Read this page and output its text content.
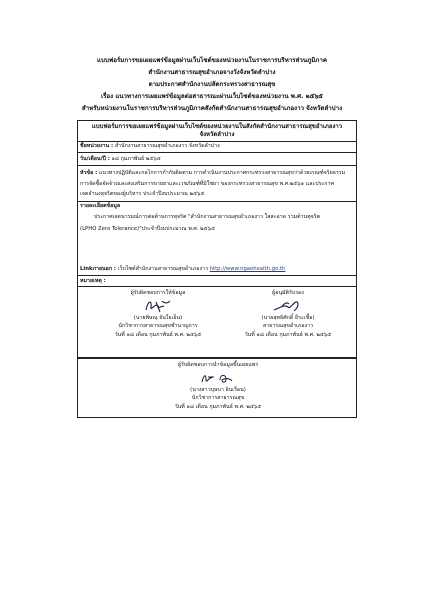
แบบฟอร์มการขอเผยแพร่ข้อมูลผ่านเว็บไซต์ของหน่วยงานในราชการบริหารส่วนภูมิภาค
สำนักงานสาธารณสุขอำเภอจางวังจังหวัดลำปาง
ตามประกาศสำนักงานปลัดกระทรวงสาธารณสุข
เรื่อง แนวทางการเผยแพร่ข้อมูลต่อสาธารณะผ่านเว็บไซต์ของหน่วยงาน พ.ศ. ๒๕๖๕
สำหรับหน่วยงานในราชการบริหารส่วนภูมิภาคสังกัดสำนักงานสาธารณสุขอำเภองาว จังหวัดลำปาง
แบบฟอร์มการขอเผยแพร่ข้อมูลผ่านเว็บไซต์ของหน่วยงานในสังกัดสำนักงานสาธารณสุขอำเภองาว
จังหวัดลำปาง
ชื่อหน่วยงาน : สำนักงานสาธารณสุขอำเภองาว จังหวัดลำปาง
วัน/เดือน/ปี : ๑๘ กุมภาพันธ์ ๒๕๖๕
หัวข้อ : แนวทางปฏิบัติและกลไกการกำกับติดตาม การดำเนินงานประกาศกระทรวงสาธารณสุขว่าด้วยเกณฑ์จริยธรรม
การจัดซื้อจัดจ้างและส่งเสริมการขายยาและเวชภัณฑ์ที่มิใช่ยา ของกระทรวงสาธารณสุข พ.ศ.๒๕๖๑ และประกาศ
เจตจำนงสุจริตของผู้บริหาร ประจำปีงบประมาณ ๒๕๖๕
รายละเอียดข้อมูล
ประกาศเจตนารมณ์การต่อต้านการทุจริต "สำนักงานสาธารณสุขอำเภองาว ใสสะอาด ร่วมต้านทุจริต
(LPHO Zero Tolerance)"ประจำปีงบประมาณ พ.ศ. ๒๕๖๕
Linkภายนอก : เว็บไซต์สำนักงานสาธารณสุขอำเภองาว http://www.ngaohealth.go.th
หมายเหตุ :
ผู้รับผิดชอบการให้ข้อมูล
(นายพิษณุ จันใจเอ็น)
นักวิชาการสาธารณสุขชำนาญการ
วันที่ ๑๘ เดือน กุมภาพันธ์ พ.ศ. ๒๕๖๕
ผู้อนุมัติรับรอง
(นายสุทธิศักดิ์ ธีระเชื้อ)
สาธารณสุขอำเภองาว
วันที่ ๑๘ เดือน กุมภาพันธ์ พ.ศ. ๒๕๖๕
ผู้รับผิดชอบการนำข้อมูลขึ้นเผยแพร่
(นางสาวบุษบา อินเรือน)
นักวิชาการสาธารณสุข
วันที่ ๑๘ เดือน กุมภาพันธ์ พ.ศ. ๒๕๖๕
